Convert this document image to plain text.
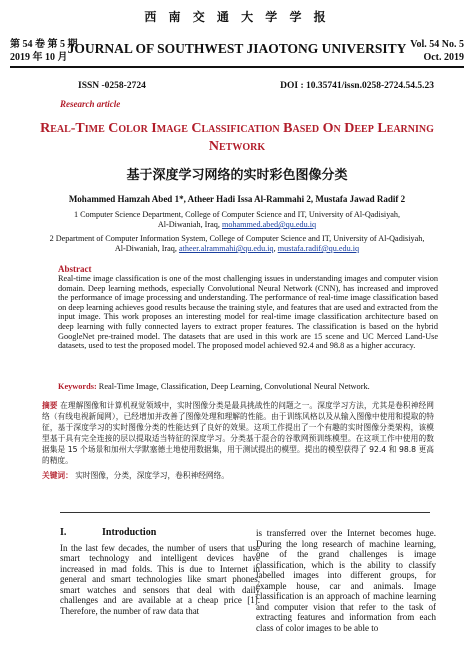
西 南 交 通 大 学 学 报
第 54 卷 第 5 期
2019 年 10 月
JOURNAL OF SOUTHWEST JIAOTONG UNIVERSITY Vol. 54 No. 5
Oct. 2019
ISSN -0258-2724	DOI : 10.35741/issn.0258-2724.54.5.23
Research article
Real-Time Color Image Classification Based On Deep Learning Network
基于深度学习网络的实时彩色图像分类
Mohammed Hamzah Abed 1*, Atheer Hadi Issa Al-Rammahi 2, Mustafa Jawad Radif 2
1 Computer Science Department, College of Computer Science and IT, University of Al-Qadisiyah,
Al-Diwaniah, Iraq, mohammed.abed@qu.edu.iq
2 Department of Computer Information System, College of Computer Science and IT, University of Al-Qadisiyah,
Al-Diwaniah, Iraq, atheer.alrammahi@qu.edu.iq, mustafa.radif@qu.edu.iq

Abstract

Real-time image classification is one of the most challenging issues in understanding images and computer vision domain. Deep learning methods, especially Convolutional Neural Network (CNN), has increased and improved the performance of image processing and understanding. The performance of real-time image classification based on deep learning achieves good results because the training style, and features that are used and extracted from the input image. This work proposes an interesting model for real-time image classification architecture based on deep learning with fully connected layers to extract proper features. The classification is based on the hybrid GoogleNet pre-trained model. The datasets that are used in this work are 15 scene and UC Merced Land-Use datasets, used to test the proposed model. The proposed model achieved 92.4 and 98.8 as a higher accuracy.

Keywords: Real-Time Image, Classification, Deep Learning, Convolutional Neural Network.
摘要 在理解图像和计算机视觉领域中，实时图像分类是最具挑战性的问题之一。深度学习方法，尤其是卷积神经网络（有线电视新闻网），已经增加并改善了图像处理和理解的性能。由于训练风格以及从输入图像中使用和提取的特征，基于深度学习的实时图像分类的性能达到了良好的效果。这项工作提出了一个有趣的实时图像分类架构，该模型基于具有完全连接的层以提取适当特征的深度学习。分类基于混合的谷歌网预训练模型。在这项工作中使用的数据集是 15 个场景和加州大学默塞德土地使用数据集，用于测试提出的模型。提出的模型获得了 92.4 和 98.8 更高的精度。
关键词： 实时图像，分类，深度学习，卷积神经网络。
I.	Introduction

In the last few decades, the number of users that use smart technology and intelligent devices have increased in mad folds. This is due to Internet in general and smart technologies like smart phones, smart watches and sensors that deal with daily challenges and are available at a cheap price [1]. Therefore, the number of raw data that

is transferred over the Internet becomes huge. During the long research of machine learning, one of the grand challenges is image classification, which is the ability to classify labelled images into different groups, for example house, car and animals. Image classification is an approach of machine learning and computer vision that refer to the task of extracting features and information from each class of color images to be able to
